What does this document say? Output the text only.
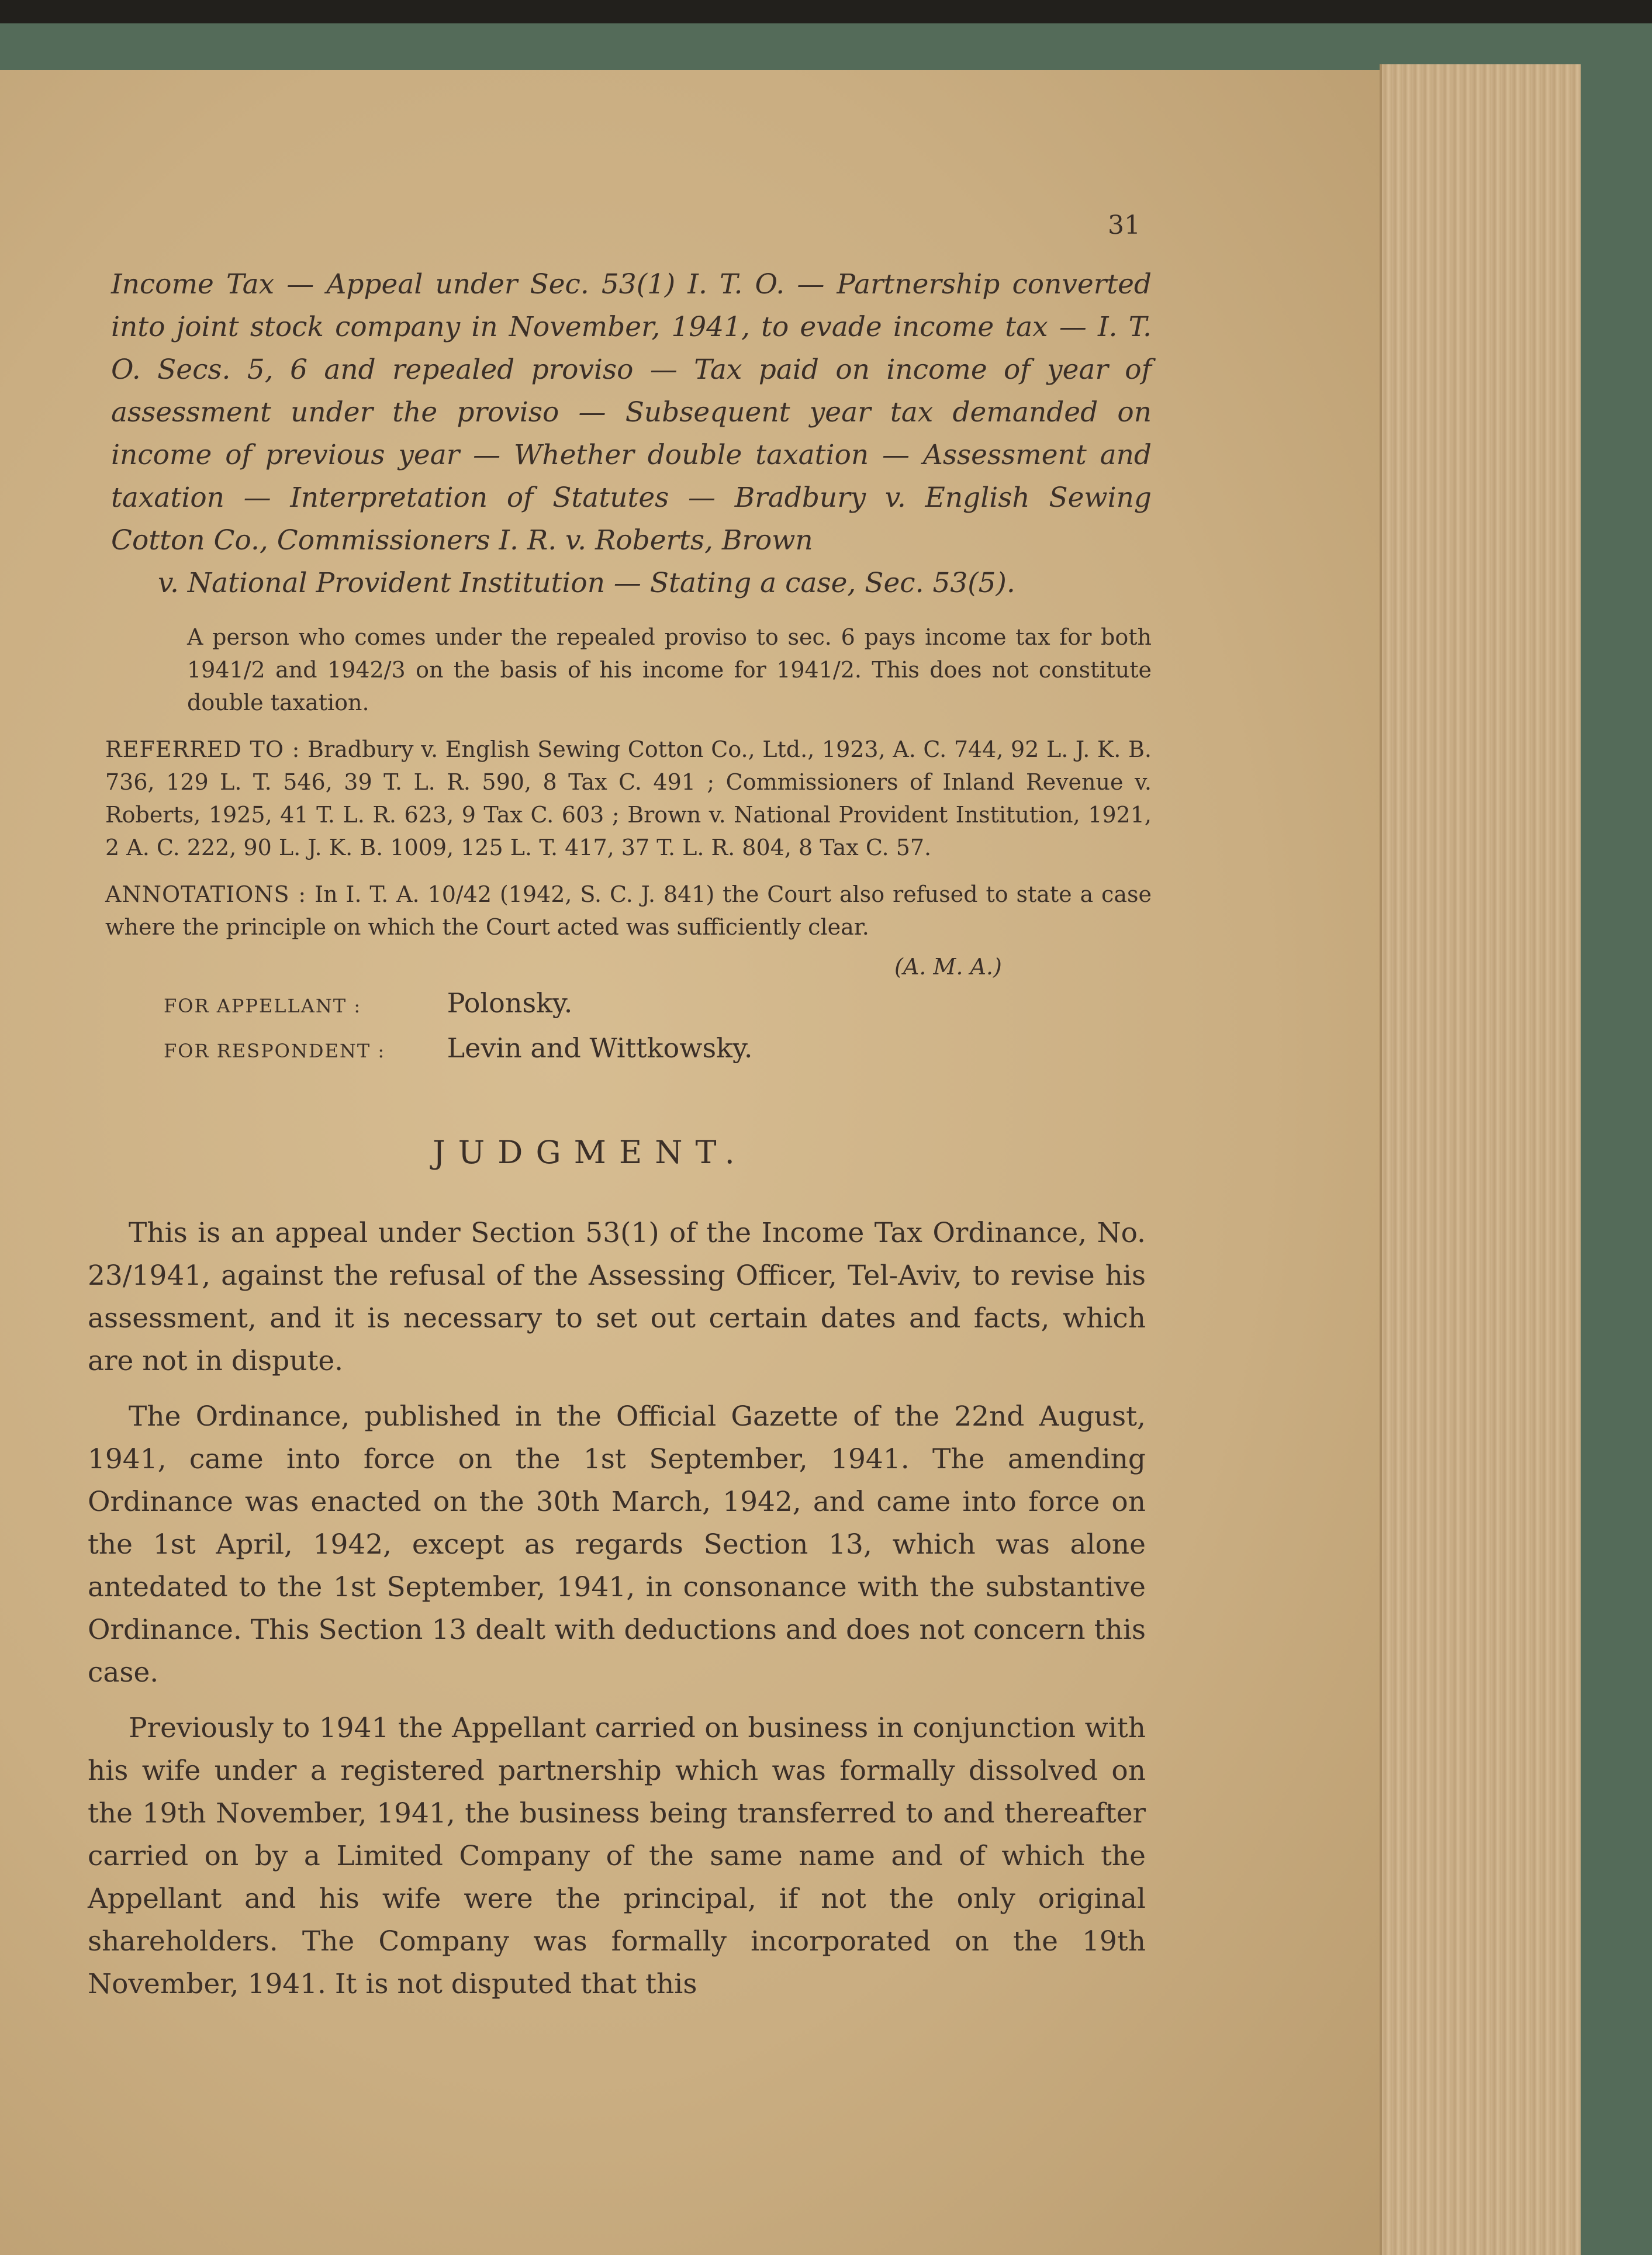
31
Income Tax — Appeal under Sec. 53(1) I. T. O. — Partnership converted into joint stock company in November, 1941, to evade income tax — I. T. O. Secs. 5, 6 and repealed proviso — Tax paid on income of year of assessment under the proviso — Subsequent year tax demanded on income of previous year — Whether double taxation — Assessment and taxation — Interpretation of Statutes — Bradbury v. English Sewing Cotton Co., Commissioners I. R. v. Roberts, Brown
v. National Provident Institution — Stating a case, Sec. 53(5).
A person who comes under the repealed proviso to sec. 6 pays income tax for both 1941/2 and 1942/3 on the basis of his income for 1941/2. This does not constitute double taxation.
REFERRED TO : Bradbury v. English Sewing Cotton Co., Ltd., 1923, A. C. 744, 92 L. J. K. B. 736, 129 L. T. 546, 39 T. L. R. 590, 8 Tax C. 491 ; Commissioners of Inland Revenue v. Roberts, 1925, 41 T. L. R. 623, 9 Tax C. 603 ; Brown v. National Provident Institution, 1921, 2 A. C. 222, 90 L. J. K. B. 1009, 125 L. T. 417, 37 T. L. R. 804, 8 Tax C. 57.
ANNOTATIONS : In I. T. A. 10/42 (1942, S. C. J. 841) the Court also refused to state a case where the principle on which the Court acted was sufficiently clear.
(A. M. A.)
FOR APPELLANT :	Polonsky.
FOR RESPONDENT : Levin and Wittkowsky.
JUDGMENT.

This is an appeal under Section 53(1) of the Income Tax Ordinance, No. 23/1941, against the refusal of the Assessing Officer, Tel-Aviv, to revise his assessment, and it is necessary to set out certain dates and facts, which are not in dispute.

The Ordinance, published in the Official Gazette of the 22nd August, 1941, came into force on the 1st September, 1941. The amending Ordinance was enacted on the 30th March, 1942, and came into force on the 1st April, 1942, except as regards Section 13, which was alone antedated to the 1st September, 1941, in consonance with the substantive Ordinance. This Section 13 dealt with deductions and does not concern this case.

Previously to 1941 the Appellant carried on business in conjunction with his wife under a registered partnership which was formally dissolved on the 19th November, 1941, the business being transferred to and thereafter carried on by a Limited Company of the same name and of which the Appellant and his wife were the principal, if not the only original shareholders. The Company was formally incorporated on the 19th November, 1941. It is not disputed that this
